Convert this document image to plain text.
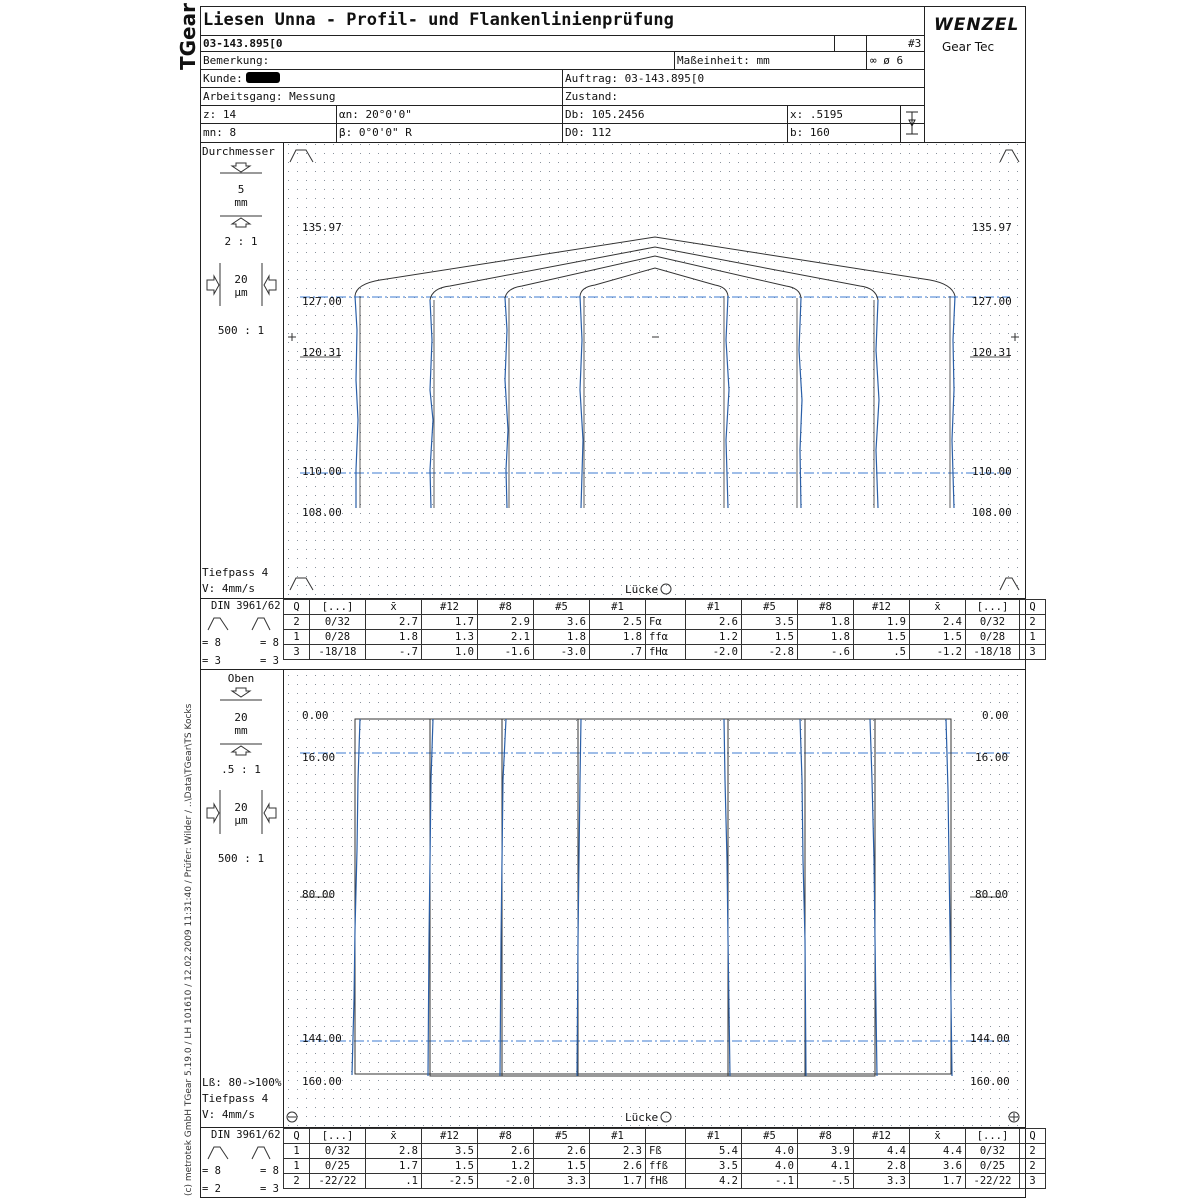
TGear
(c) metrotek GmbH TGear 5.19.0 / LH 101610 / 12.02.2009 11:31:40 / Prüfer: Wilder / ..\Data\TGear\TS Kocks
Liesen Unna - Profil- und Flankenlinienprüfung	WENZEL
Gear Tec
03-143.895[0	#3
Bemerkung:	Maßeinheit: mm	∞ ø 6
Kunde:	Auftrag: 03-143.895[0
Arbeitsgang: Messung	Zustand:
z: 14	αn: 20°0'0"	Db: 105.2456	x: .5195
mn: 8	β: 0°0'0" R	D0: 112	b: 160
Durchmesser
5
mm
2 : 1
20
µm
500 : 1
Tiefpass 4
V: 4mm/s
Oben
20
mm
.5 : 1
20
µm
500 : 1
Lß: 80->100%
Tiefpass 4
V: 4mm/s
135.97
127.00
120.31
110.00
108.00
135.97
127.00
120.31
110.00
108.00
0.00
16.00
80.00
144.00
160.00
0.00
16.00
80.00
144.00
160.00
DIN 3961/62
= 8
= 3
= 8
= 3
Q	[...]	x̄	#12	#8	#5	#1		#1	#5	#8	#12	x̄	[...]	Q
2	0/32	2.7	1.7	2.9	3.6	2.5	Fα	2.6	3.5	1.8	1.9	2.4	0/32	2
1	0/28	1.8	1.3	2.1	1.8	1.8	ffα	1.2	1.5	1.8	1.5	1.5	0/28	1
3	-18/18	-.7	1.0	-1.6	-3.0	.7	fHα	-2.0	-2.8	-.6	.5	-1.2	-18/18	3
DIN 3961/62
= 8
= 2
= 8
= 3
Q	[...]	x̄	#12	#8	#5	#1		#1	#5	#8	#12	x̄	[...]	Q
1	0/32	2.8	3.5	2.6	2.6	2.3	Fß	5.4	4.0	3.9	4.4	4.4	0/32	2
1	0/25	1.7	1.5	1.2	1.5	2.6	ffß	3.5	4.0	4.1	2.8	3.6	0/25	2
2	-22/22	.1	-2.5	-2.0	3.3	1.7	fHß	4.2	-.1	-.5	3.3	1.7	-22/22	3
